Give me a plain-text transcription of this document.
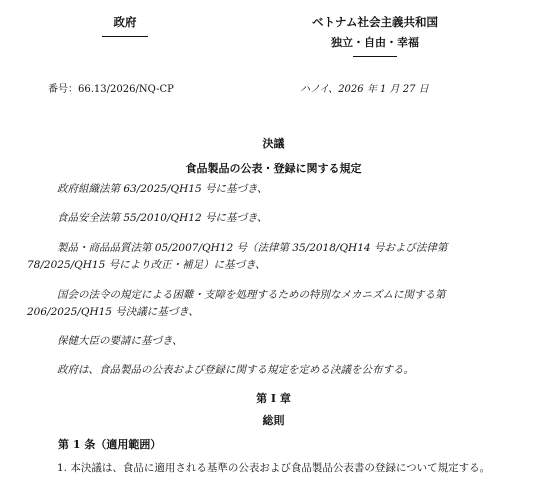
政府	ベトナム社会主義共和国
独立・自由・幸福
番号：66.13/2026/NQ-CP	ハノイ、2026 年 1 月 27 日
決議
食品製品の公表・登録に関する規定

政府組織法第 63/2025/QH15 号に基づき、

食品安全法第 55/2010/QH12 号に基づき、

製品・商品品質法第 05/2007/QH12 号（法律第 35/2018/QH14 号および法律第 78/2025/QH15 号により改正・補足）に基づき、

国会の法令の規定による困難・支障を処理するための特別なメカニズムに関する第 206/2025/QH15 号決議に基づき、

保健大臣の要請に基づき、

政府は、食品製品の公表および登録に関する規定を定める決議を公布する。

第 I 章
総則
第 1 条（適用範囲）

1. 本決議は、食品に適用される基準の公表および食品製品公表書の登録について規定する。
